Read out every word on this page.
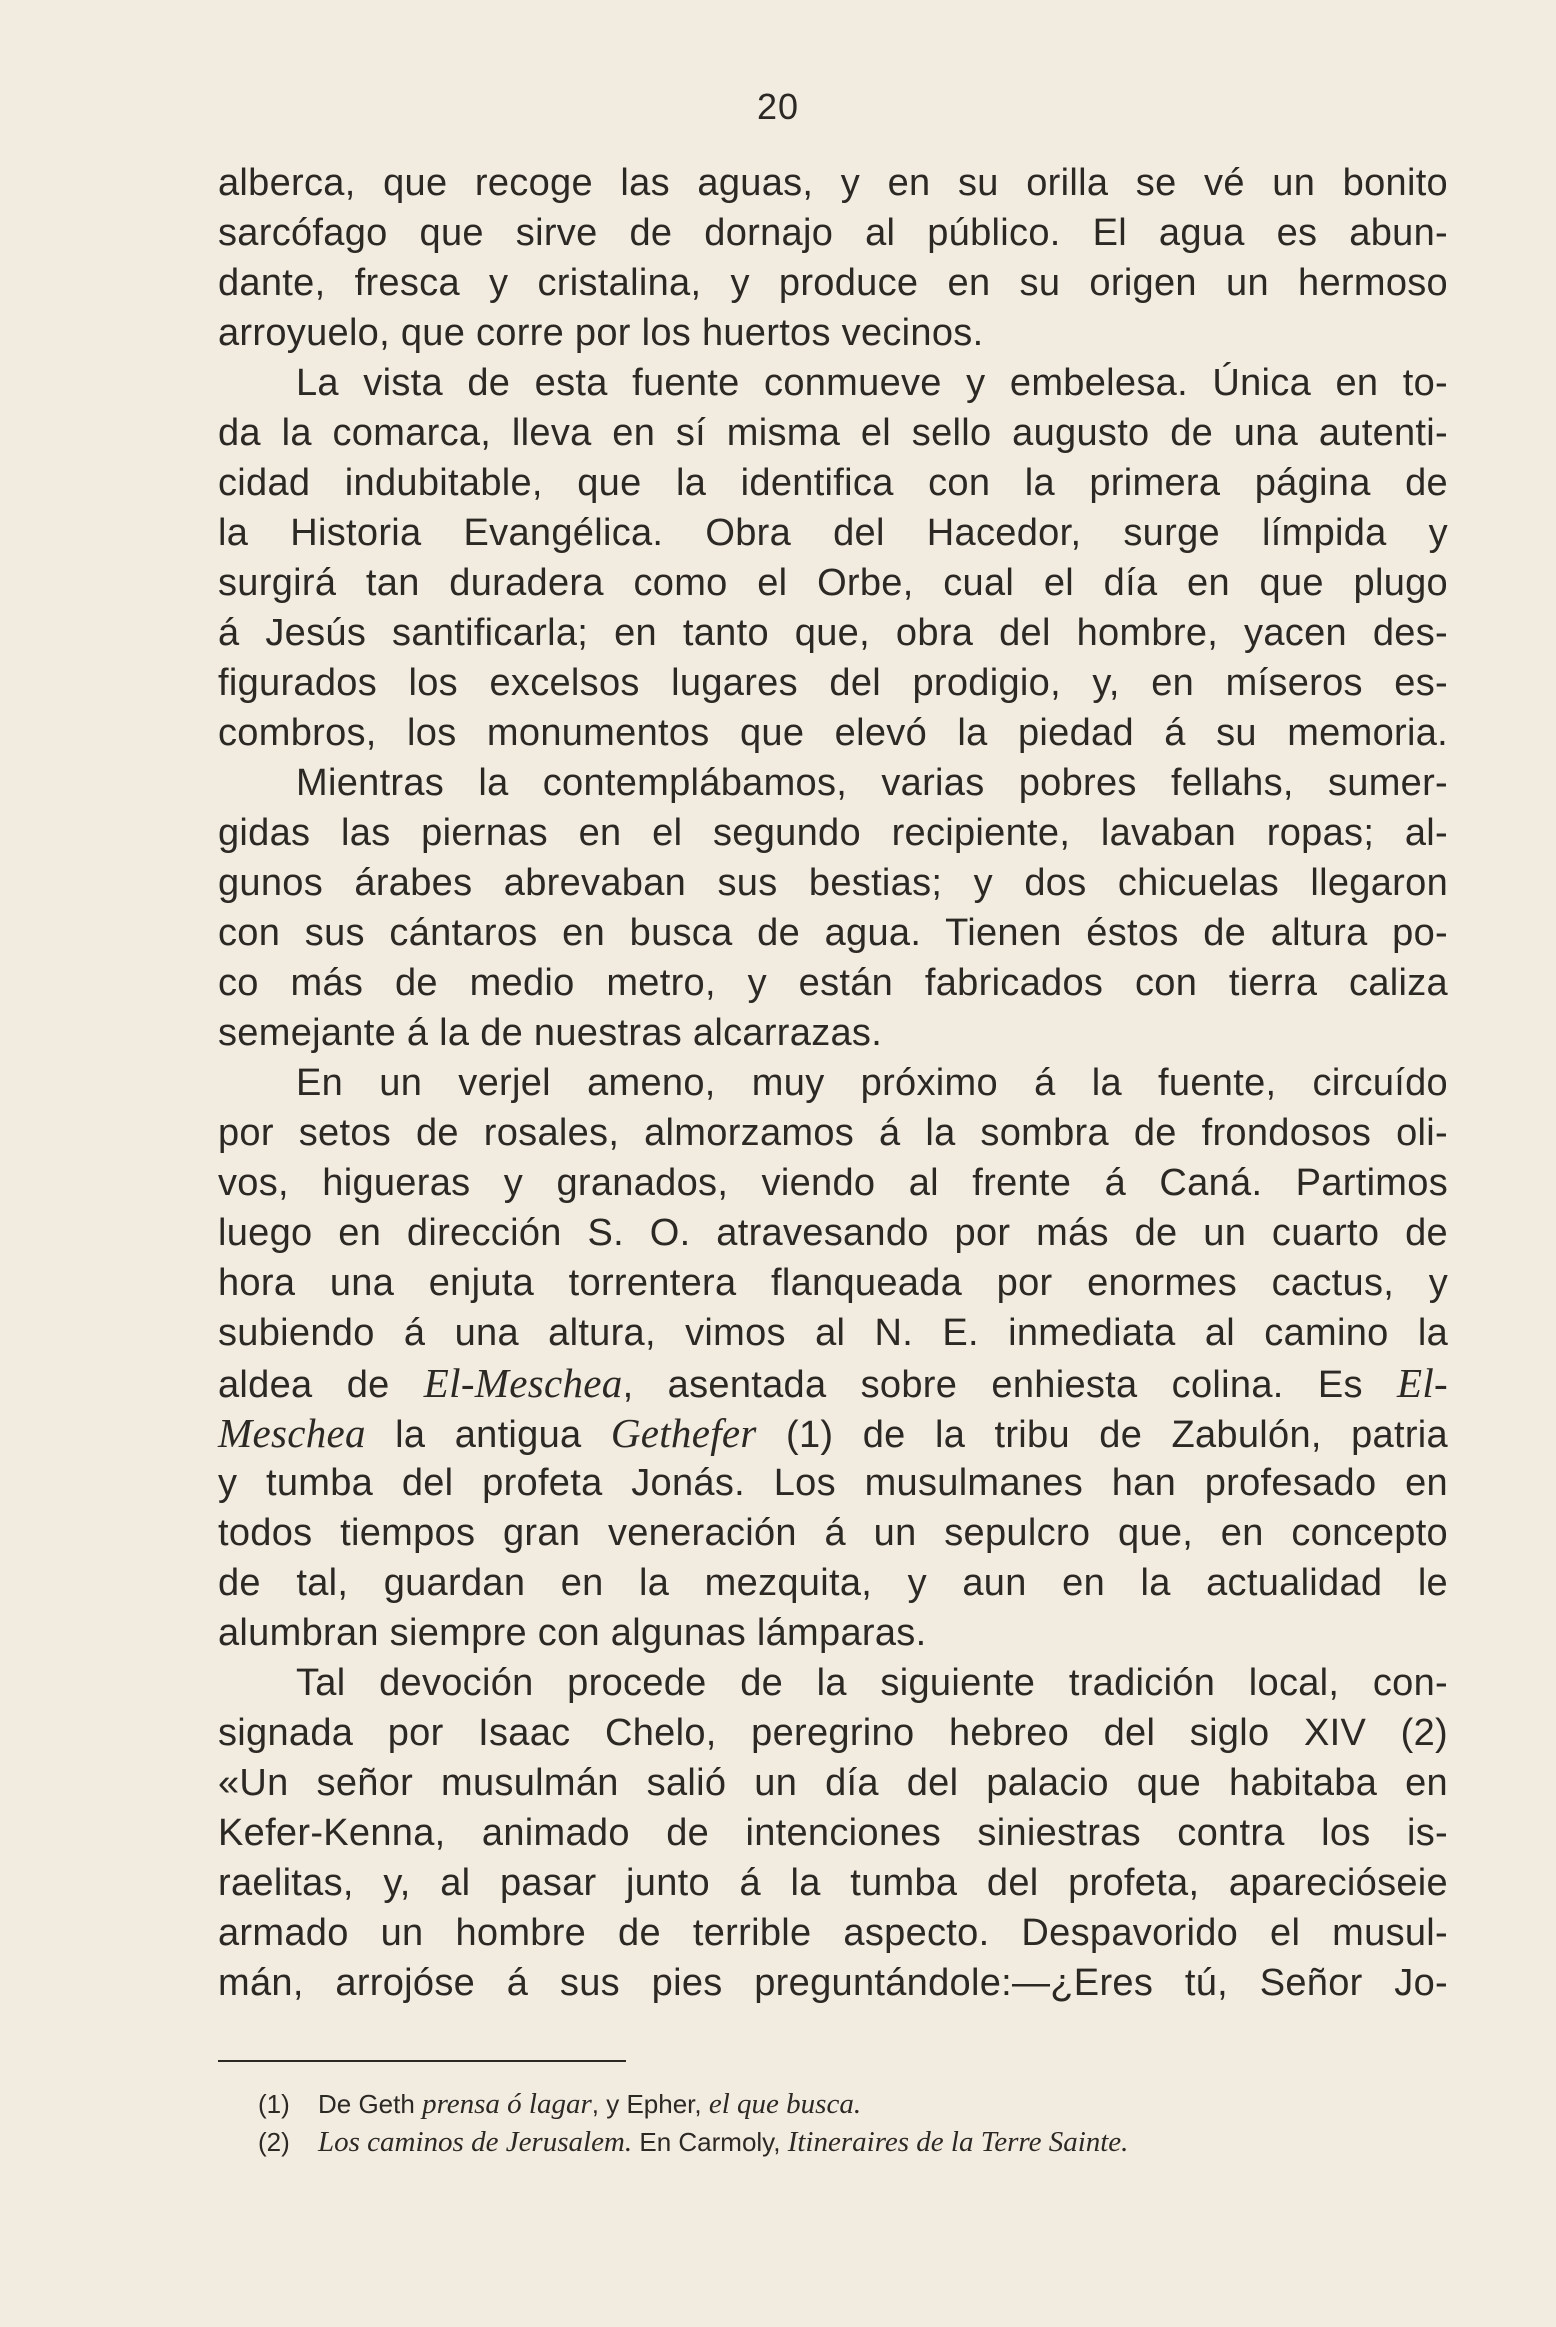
20
alberca, que recoge las aguas, y en su orilla se vé un bonito
sarcófago que sirve de dornajo al público. El agua es abun-
dante, fresca y cristalina, y produce en su origen un hermoso
arroyuelo, que corre por los huertos vecinos.
La vista de esta fuente conmueve y embelesa. Única en to-
da la comarca, lleva en sí misma el sello augusto de una autenti-
cidad indubitable, que la identifica con la primera página de
la Historia Evangélica. Obra del Hacedor, surge límpida y
surgirá tan duradera como el Orbe, cual el día en que plugo
á Jesús santificarla; en tanto que, obra del hombre, yacen des-
figurados los excelsos lugares del prodigio, y, en míseros es-
combros, los monumentos que elevó la piedad á su memoria.
Mientras la contemplábamos, varias pobres fellahs, sumer-
gidas las piernas en el segundo recipiente, lavaban ropas; al-
gunos árabes abrevaban sus bestias; y dos chicuelas llegaron
con sus cántaros en busca de agua. Tienen éstos de altura po-
co más de medio metro, y están fabricados con tierra caliza
semejante á la de nuestras alcarrazas.
En un verjel ameno, muy próximo á la fuente, circuído
por setos de rosales, almorzamos á la sombra de frondosos oli-
vos, higueras y granados, viendo al frente á Caná. Partimos
luego en dirección S. O. atravesando por más de un cuarto de
hora una enjuta torrentera flanqueada por enormes cactus, y
subiendo á una altura, vimos al N. E. inmediata al camino la
aldea de El-Meschea, asentada sobre enhiesta colina. Es El-
Meschea la antigua Gethefer (1) de la tribu de Zabulón, patria
y tumba del profeta Jonás. Los musulmanes han profesado en
todos tiempos gran veneración á un sepulcro que, en concepto
de tal, guardan en la mezquita, y aun en la actualidad le
alumbran siempre con algunas lámparas.
Tal devoción procede de la siguiente tradición local, con-
signada por Isaac Chelo, peregrino hebreo del siglo XIV (2)
«Un señor musulmán salió un día del palacio que habitaba en
Kefer-Kenna, animado de intenciones siniestras contra los is-
raelitas, y, al pasar junto á la tumba del profeta, aparecióseie
armado un hombre de terrible aspecto. Despavorido el musul-
mán, arrojóse á sus pies preguntándole:—¿Eres tú, Señor Jo-
(1) De Geth prensa ó lagar, y Epher, el que busca.
(2) Los caminos de Jerusalem. En Carmoly, Itineraires de la Terre Sainte.
